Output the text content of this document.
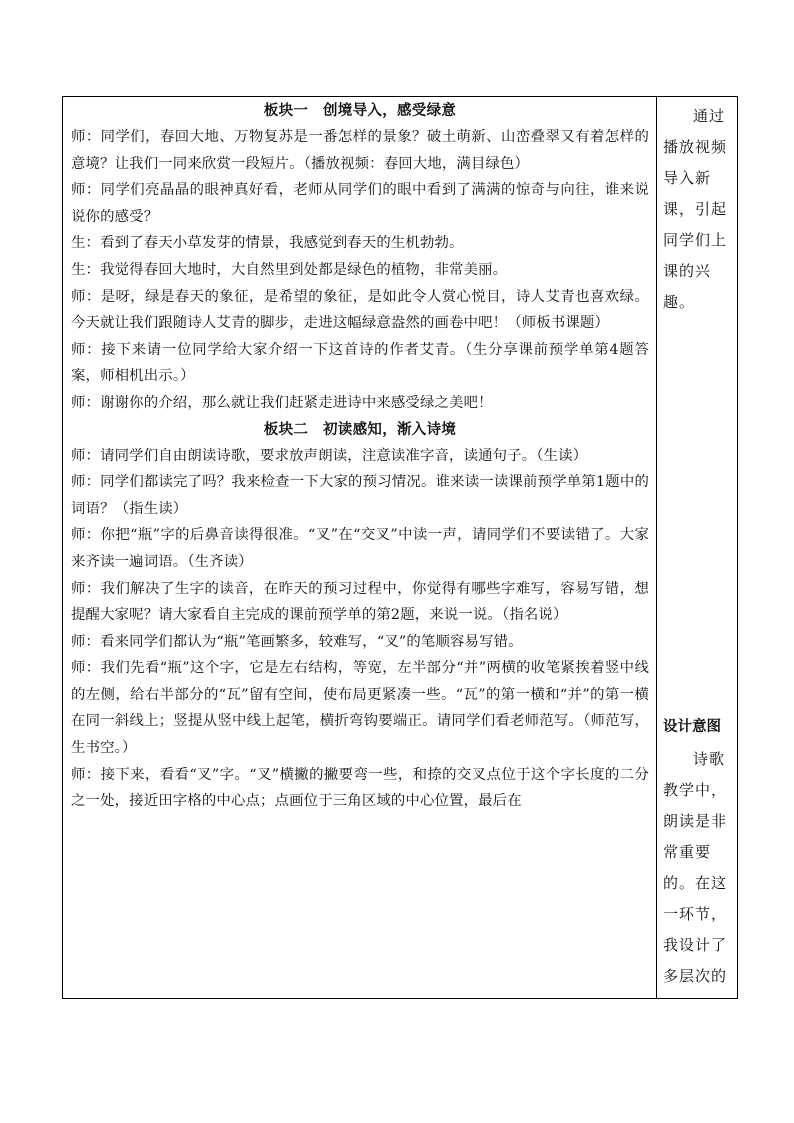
板块一　创境导入，感受绿意

师：同学们，春回大地、万物复苏是一番怎样的景象？破土萌新、山峦叠翠又有着怎样的意境？让我们一同来欣赏一段短片。（播放视频：春回大地，满目绿色）

师：同学们亮晶晶的眼神真好看，老师从同学们的眼中看到了满满的惊奇与向往，谁来说说你的感受？

生：看到了春天小草发芽的情景，我感觉到春天的生机勃勃。

生：我觉得春回大地时，大自然里到处都是绿色的植物，非常美丽。

师：是呀，绿是春天的象征，是希望的象征，是如此令人赏心悦目，诗人艾青也喜欢绿。今天就让我们跟随诗人艾青的脚步，走进这幅绿意盎然的画卷中吧！（师板书课题）

师：接下来请一位同学给大家介绍一下这首诗的作者艾青。（生分享课前预学单第4题答案，师相机出示。）

师：谢谢你的介绍，那么就让我们赶紧走进诗中来感受绿之美吧！

板块二　初读感知，渐入诗境

师：请同学们自由朗读诗歌，要求放声朗读，注意读准字音，读通句子。（生读）

师：同学们都读完了吗？我来检查一下大家的预习情况。谁来读一读课前预学单第1题中的词语？（指生读）

师：你把“瓶”字的后鼻音读得很准。“叉”在“交叉”中读一声，请同学们不要读错了。大家来齐读一遍词语。（生齐读）

师：我们解决了生字的读音，在昨天的预习过程中，你觉得有哪些字难写，容易写错，想提醒大家呢？请大家看自主完成的课前预学单的第2题，来说一说。（指名说）

师：看来同学们都认为“瓶”笔画繁多，较难写，“叉”的笔顺容易写错。

师：我们先看“瓶”这个字，它是左右结构，等宽，左半部分“并”两横的收笔紧挨着竖中线的左侧，给右半部分的“瓦”留有空间，使布局更紧凑一些。“瓦”的第一横和“并”的第一横在同一斜线上；竖提从竖中线上起笔，横折弯钩要端正。请同学们看老师范写。（师范写，生书空。）

师：接下来，看看“叉”字。“叉”横撇的撇要弯一些，和捺的交叉点位于这个字长度的二分之一处，接近田字格的中心点；点画位于三角区域的中心位置，最后在

通过播放视频导入新课，引起同学们上课的兴趣。
设计意图
诗歌教学中，朗读是非常重要的。在这一环节，我设计了多层次的
